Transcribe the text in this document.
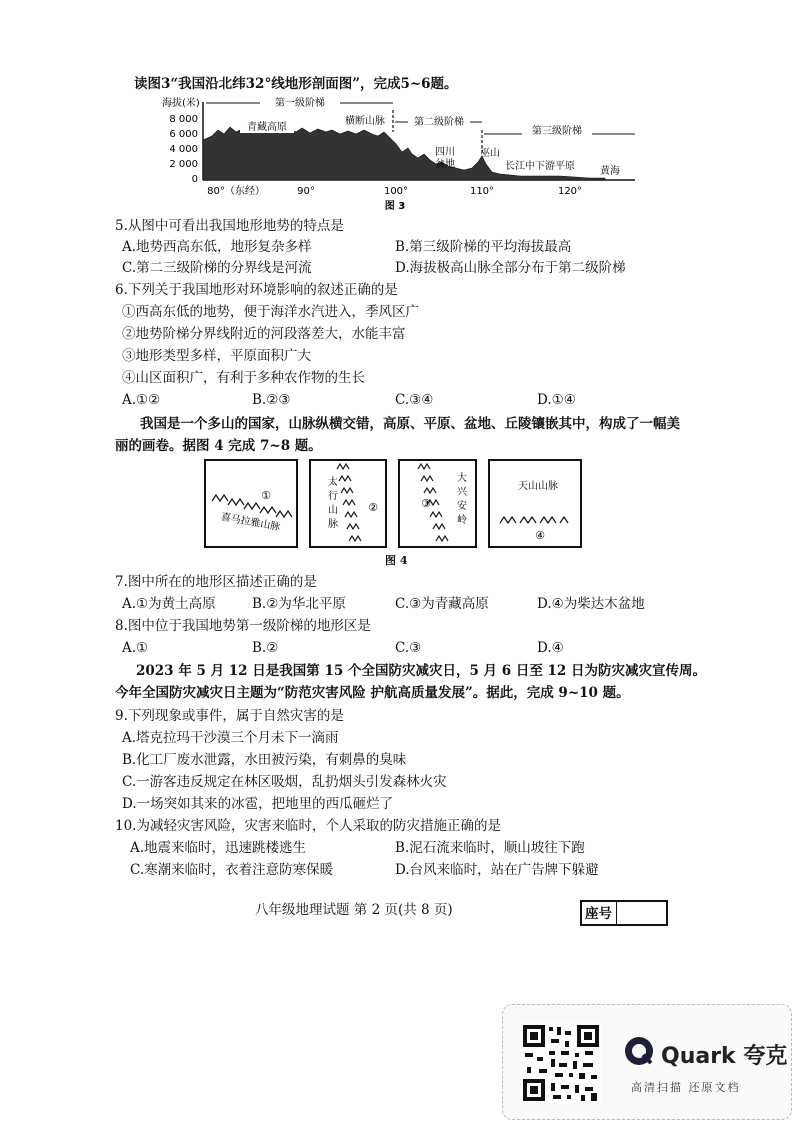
读图3“我国沿北纬32°线地形剖面图”，完成5~6题。
海拔(米)
8 000
6 000
4 000
2 000
0
第一级阶梯
第二级阶梯
第三级阶梯
青藏高原
横断山脉
四川
盆地
巫山
长江中下游平原	黄海
80°（东经）	90°	100°	110°	120°
图 3
5.从图中可看出我国地形地势的特点是
A.地势西高东低，地形复杂多样	B.第三级阶梯的平均海拔最高
C.第二三级阶梯的分界线是河流	D.海拔极高山脉全部分布于第二级阶梯
6.下列关于我国地形对环境影响的叙述正确的是
①西高东低的地势，便于海洋水汽进入，季风区广
②地势阶梯分界线附近的河段落差大，水能丰富
③地形类型多样，平原面积广大
④山区面积广，有利于多种农作物的生长
A.①②	B.②③	C.③④	D.①④
我国是一个多山的国家，山脉纵横交错，高原、平原、盆地、丘陵镶嵌其中，构成了一幅美
丽的画卷。据图 4 完成 7~8 题。
①
喜马拉雅山脉
太
行
山
脉
②	③
大
兴
安
岭
天山山脉
④
图 4
7.图中所在的地形区描述正确的是
A.①为黄土高原	B.②为华北平原	C.③为青藏高原	D.④为柴达木盆地
8.图中位于我国地势第一级阶梯的地形区是
A.①	B.②	C.③	D.④
2023 年 5 月 12 日是我国第 15 个全国防灾减灾日，5 月 6 日至 12 日为防灾减灾宣传周。
今年全国防灾减灾日主题为“防范灾害风险 护航高质量发展”。据此，完成 9~10 题。
9.下列现象或事件，属于自然灾害的是
A.塔克拉玛干沙漠三个月未下一滴雨
B.化工厂废水泄露，水田被污染，有刺鼻的臭味
C.一游客违反规定在林区吸烟，乱扔烟头引发森林火灾
D.一场突如其来的冰雹，把地里的西瓜砸烂了
10.为减轻灾害风险，灾害来临时，个人采取的防灾措施正确的是
A.地震来临时，迅速跳楼逃生	B.泥石流来临时，顺山坡往下跑
C.寒潮来临时，衣着注意防寒保暖	D.台风来临时，站在广告牌下躲避
八年级地理试题 第 2 页(共 8 页)	座号
Quark 夸克
高清扫描 还原文档
